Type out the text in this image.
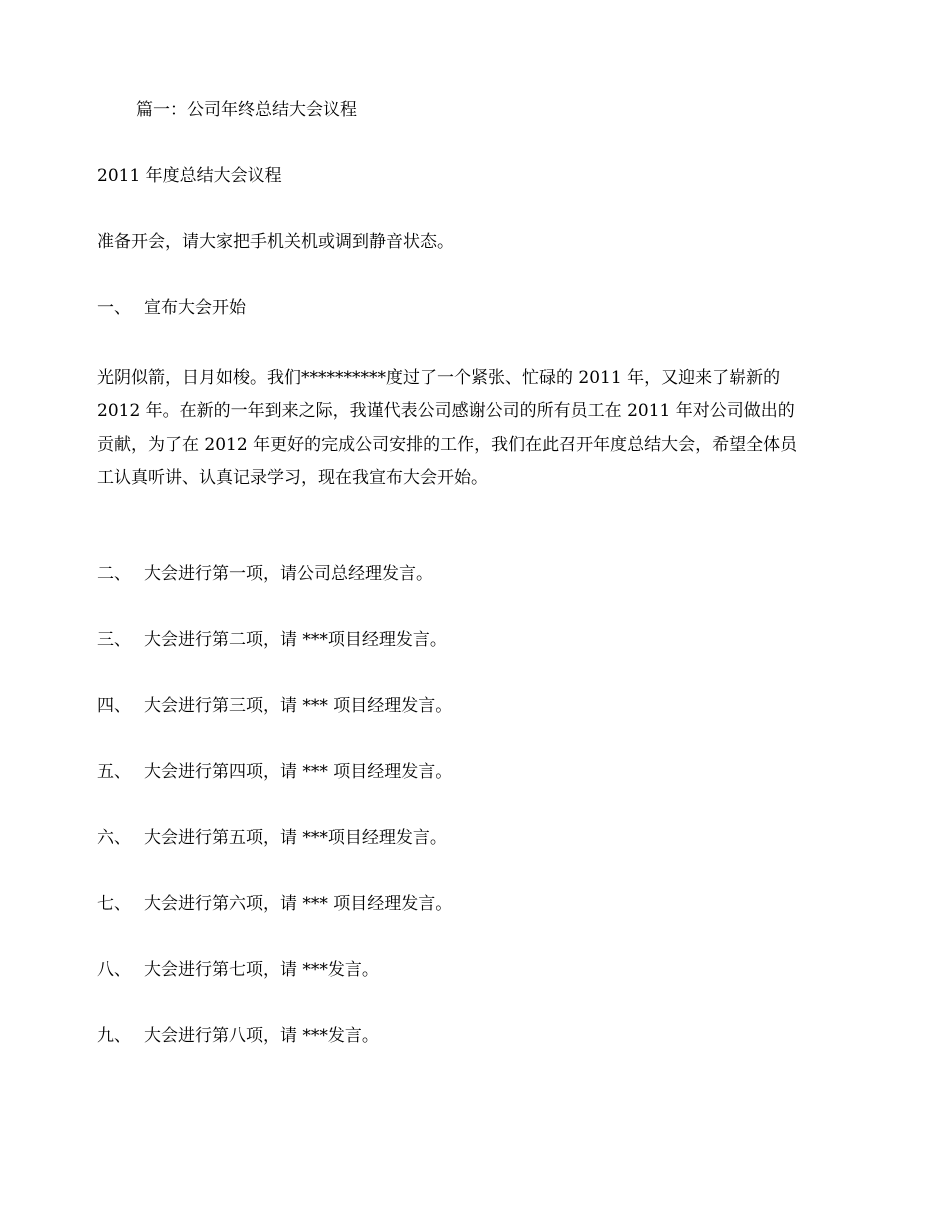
篇一：公司年终总结大会议程
2011 年度总结大会议程
准备开会，请大家把手机关机或调到静音状态。
一、 宣布大会开始
光阴似箭，日月如梭。我们**********度过了一个紧张、忙碌的 2011 年，又迎来了崭新的
2012 年。在新的一年到来之际，我谨代表公司感谢公司的所有员工在 2011 年对公司做出的
贡献，为了在 2012 年更好的完成公司安排的工作，我们在此召开年度总结大会，希望全体员
工认真听讲、认真记录学习，现在我宣布大会开始。
二、 大会进行第一项，请公司总经理发言。
三、 大会进行第二项，请 ***项目经理发言。
四、 大会进行第三项，请 *** 项目经理发言。
五、 大会进行第四项，请 *** 项目经理发言。
六、 大会进行第五项，请 ***项目经理发言。
七、 大会进行第六项，请 *** 项目经理发言。
八、 大会进行第七项，请 ***发言。
九、 大会进行第八项，请 ***发言。
